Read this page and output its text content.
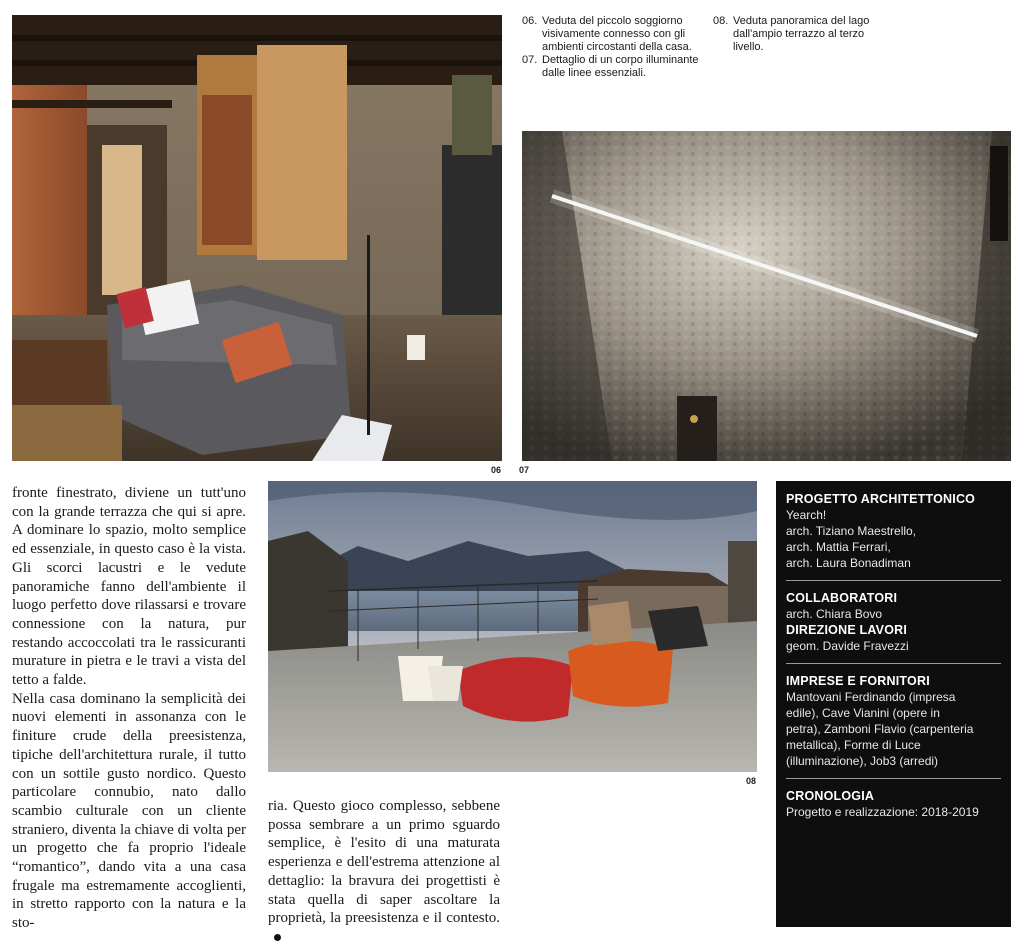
06 07
08
06. Veduta del piccolo soggiorno visivamente connesso con gli ambienti circostanti della casa.
07. Dettaglio di un corpo illuminante dalle linee essenziali.
08. Veduta panoramica del lago dall'ampio terrazzo al terzo livello.

fronte finestrato, diviene un tutt'uno con la grande terrazza che qui si apre. A dominare lo spazio, molto semplice ed essenziale, in questo caso è la vista. Gli scorci lacustri e le vedute panoramiche fanno dell'ambiente il luogo perfetto dove rilassarsi e trovare connessione con la natura, pur restando accoccolati tra le rassicuranti murature in pietra e le travi a vista del tetto a falde.

Nella casa dominano la semplicità dei nuovi elementi in assonanza con le finiture crude della preesistenza, tipiche dell'architettura rurale, il tutto con un sottile gusto nordico. Questo particolare connubio, nato dallo scambio culturale con un cliente straniero, diventa la chiave di volta per un progetto che fa proprio l'ideale “romantico”, dando vita a una casa frugale ma estremamente accoglienti, in stretto rapporto con la natura e la sto-

ria. Questo gioco complesso, sebbene possa sembrare a un primo sguardo semplice, è l'esito di una maturata esperienza e dell'estrema attenzione al dettaglio: la bravura dei progettisti è stata quella di saper ascoltare la proprietà, la preesistenza e il contesto.

PROGETTO ARCHITETTONICO
Yearch!
arch. Tiziano Maestrello,
arch. Mattia Ferrari,
arch. Laura Bonadiman
COLLABORATORI
arch. Chiara Bovo
DIREZIONE LAVORI
geom. Davide Fravezzi
IMPRESE E FORNITORI
Mantovani Ferdinando (impresa
edile), Cave Vianini (opere in
petra), Zamboni Flavio (carpenteria
metallica), Forme di Luce
(illuminazione), Job3 (arredi)
CRONOLOGIA
Progetto e realizzazione: 2018-2019
